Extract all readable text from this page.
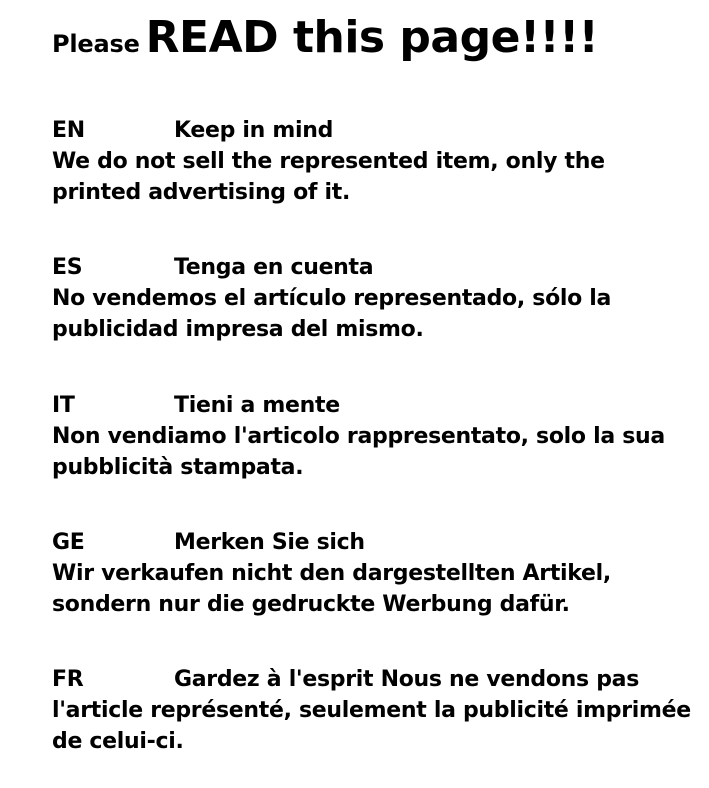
Please READ this page!!!!
EN	Keep in mind
We do not sell the represented item, only the printed advertising of it.
ES	Tenga en cuenta
No vendemos el artículo representado, sólo la publicidad impresa del mismo.
IT	Tieni a mente
Non vendiamo l'articolo rappresentato, solo la sua pubblicità stampata.
GE	Merken Sie sich
Wir verkaufen nicht den dargestellten Artikel, sondern nur die gedruckte Werbung dafür.
FR	Gardez à l'esprit Nous ne vendons pas l'article représenté, seulement la publicité imprimée de celui-ci.
